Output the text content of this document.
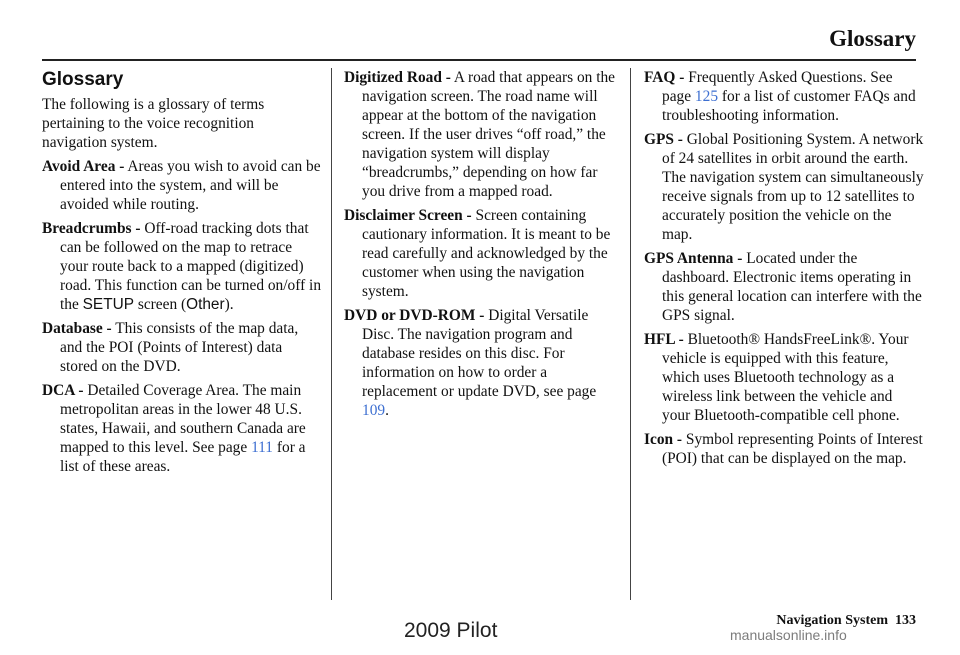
Glossary
Glossary

The following is a glossary of terms pertaining to the voice recognition navigation system.

Avoid Area - Areas you wish to avoid can be entered into the system, and will be avoided while routing.

Breadcrumbs - Off-road tracking dots that can be followed on the map to retrace your route back to a mapped (digitized) road. This function can be turned on/off in the SETUP screen (Other).

Database - This consists of the map data, and the POI (Points of Interest) data stored on the DVD.

DCA - Detailed Coverage Area. The main metropolitan areas in the lower 48 U.S. states, Hawaii, and southern Canada are mapped to this level. See page 111 for a list of these areas.

Digitized Road - A road that appears on the navigation screen. The road name will appear at the bottom of the navigation screen. If the user drives “off road,” the navigation system will display “breadcrumbs,” depending on how far you drive from a mapped road.

Disclaimer Screen - Screen containing cautionary information. It is meant to be read carefully and acknowledged by the customer when using the navigation system.

DVD or DVD-ROM - Digital Versatile Disc. The navigation program and database resides on this disc. For information on how to order a replacement or update DVD, see page 109.

FAQ - Frequently Asked Questions. See page 125 for a list of customer FAQs and troubleshooting information.

GPS - Global Positioning System. A network of 24 satellites in orbit around the earth. The navigation system can simultaneously receive signals from up to 12 satellites to accurately position the vehicle on the map.

GPS Antenna - Located under the dashboard. Electronic items operating in this general location can interfere with the GPS signal.

HFL - Bluetooth® HandsFreeLink®. Your vehicle is equipped with this feature, which uses Bluetooth technology as a wireless link between the vehicle and your Bluetooth-compatible cell phone.

Icon - Symbol representing Points of Interest (POI) that can be displayed on the map.

Navigation System 133
2009 Pilot	manualsonline.info
